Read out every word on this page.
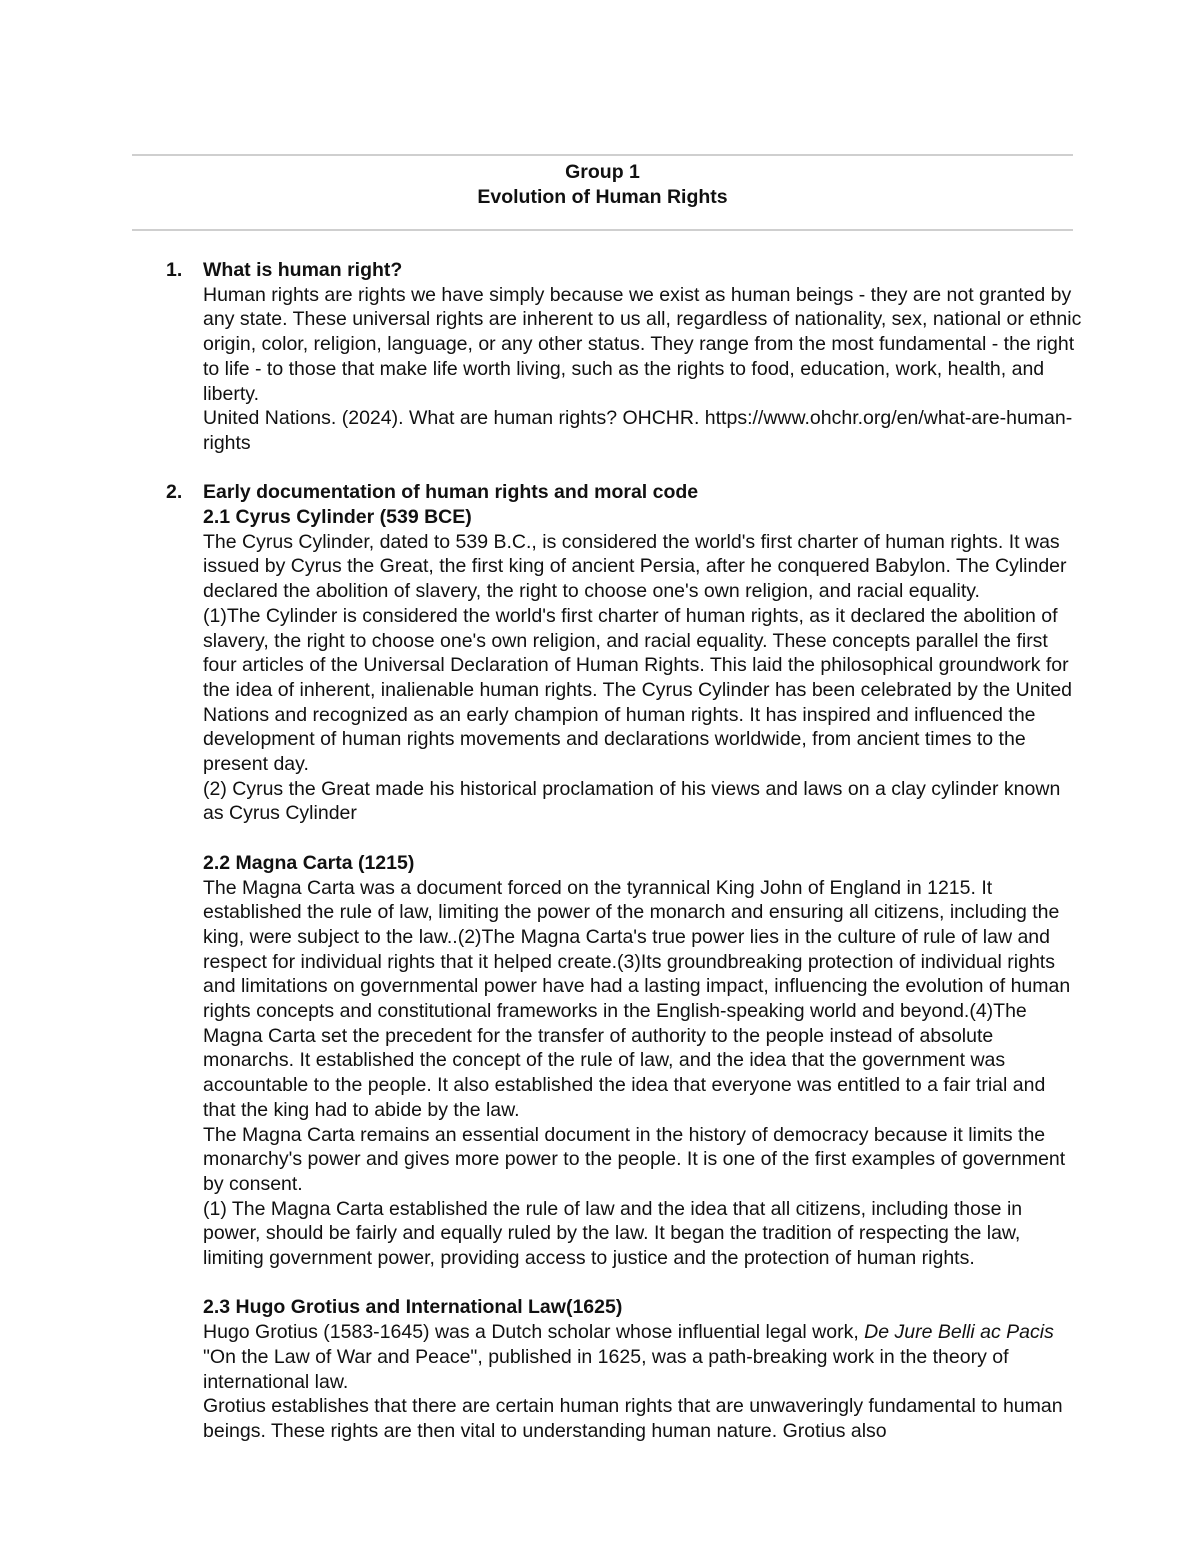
Group 1
Evolution of Human Rights
1. What is human right?

Human rights are rights we have simply because we exist as human beings - they are not granted by any state. These universal rights are inherent to us all, regardless of nationality, sex, national or ethnic origin, color, religion, language, or any other status. They range from the most fundamental - the right to life - to those that make life worth living, such as the rights to food, education, work, health, and liberty.

United Nations. (2024). What are human rights? OHCHR. https://www.ohchr.org/en/what-are-human-rights

2. Early documentation of human rights and moral code

2.1 Cyrus Cylinder (539 BCE)

The Cyrus Cylinder, dated to 539 B.C., is considered the world's first charter of human rights. It was issued by Cyrus the Great, the first king of ancient Persia, after he conquered Babylon. The Cylinder declared the abolition of slavery, the right to choose one's own religion, and racial equality.

(1)The Cylinder is considered the world's first charter of human rights, as it declared the abolition of slavery, the right to choose one's own religion, and racial equality. These concepts parallel the first four articles of the Universal Declaration of Human Rights. This laid the philosophical groundwork for the idea of inherent, inalienable human rights. The Cyrus Cylinder has been celebrated by the United Nations and recognized as an early champion of human rights. It has inspired and influenced the development of human rights movements and declarations worldwide, from ancient times to the present day.

(2) Cyrus the Great made his historical proclamation of his views and laws on a clay cylinder known as Cyrus Cylinder

2.2 Magna Carta (1215)

The Magna Carta was a document forced on the tyrannical King John of England in 1215. It established the rule of law, limiting the power of the monarch and ensuring all citizens, including the king, were subject to the law..(2)The Magna Carta's true power lies in the culture of rule of law and respect for individual rights that it helped create.(3)Its groundbreaking protection of individual rights and limitations on governmental power have had a lasting impact, influencing the evolution of human rights concepts and constitutional frameworks in the English-speaking world and beyond.(4)The Magna Carta set the precedent for the transfer of authority to the people instead of absolute monarchs. It established the concept of the rule of law, and the idea that the government was accountable to the people. It also established the idea that everyone was entitled to a fair trial and that the king had to abide by the law.

The Magna Carta remains an essential document in the history of democracy because it limits the monarchy's power and gives more power to the people. It is one of the first examples of government by consent.

(1) The Magna Carta established the rule of law and the idea that all citizens, including those in power, should be fairly and equally ruled by the law. It began the tradition of respecting the law, limiting government power, providing access to justice and the protection of human rights.

2.3 Hugo Grotius and International Law(1625)

Hugo Grotius (1583-1645) was a Dutch scholar whose influential legal work, De Jure Belli ac Pacis "On the Law of War and Peace", published in 1625, was a path-breaking work in the theory of international law.

Grotius establishes that there are certain human rights that are unwaveringly fundamental to human beings. These rights are then vital to understanding human nature. Grotius also
